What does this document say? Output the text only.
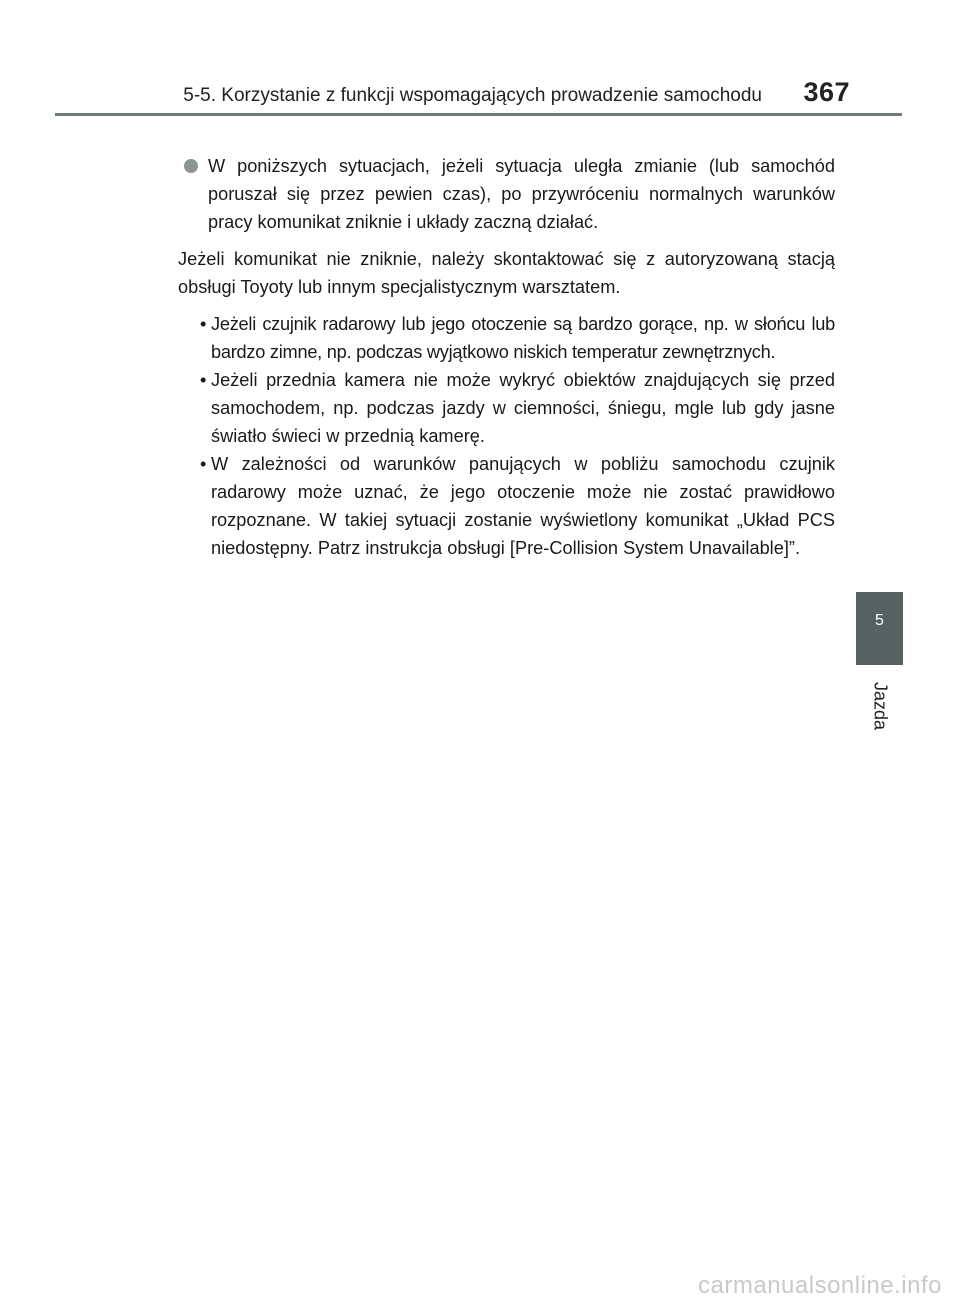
5-5. Korzystanie z funkcji wspomagających prowadzenie samochodu 367

W poniższych sytuacjach, jeżeli sytuacja uległa zmianie (lub samochód poruszał się przez pewien czas), po przywróceniu normalnych warunków pracy komunikat zniknie i układy zaczną działać.

Jeżeli komunikat nie zniknie, należy skontaktować się z autoryzowaną stacją obsługi Toyoty lub innym specjalistycznym warsztatem.

• Jeżeli czujnik radarowy lub jego otoczenie są bardzo gorące, np. w słońcu lub bardzo zimne, np. podczas wyjątkowo niskich temperatur zewnętrznych.
• Jeżeli przednia kamera nie może wykryć obiektów znajdujących się przed samochodem, np. podczas jazdy w ciemności, śniegu, mgle lub gdy jasne światło świeci w przednią kamerę.
• W zależności od warunków panujących w pobliżu samochodu czujnik radarowy może uznać, że jego otoczenie może nie zostać prawidłowo rozpoznane. W takiej sytuacji zostanie wyświetlony komunikat „Układ PCS niedostępny. Patrz instrukcja obsługi [Pre-Collision System Unavailable]”.
5
Jazda
carmanualsonline.info
